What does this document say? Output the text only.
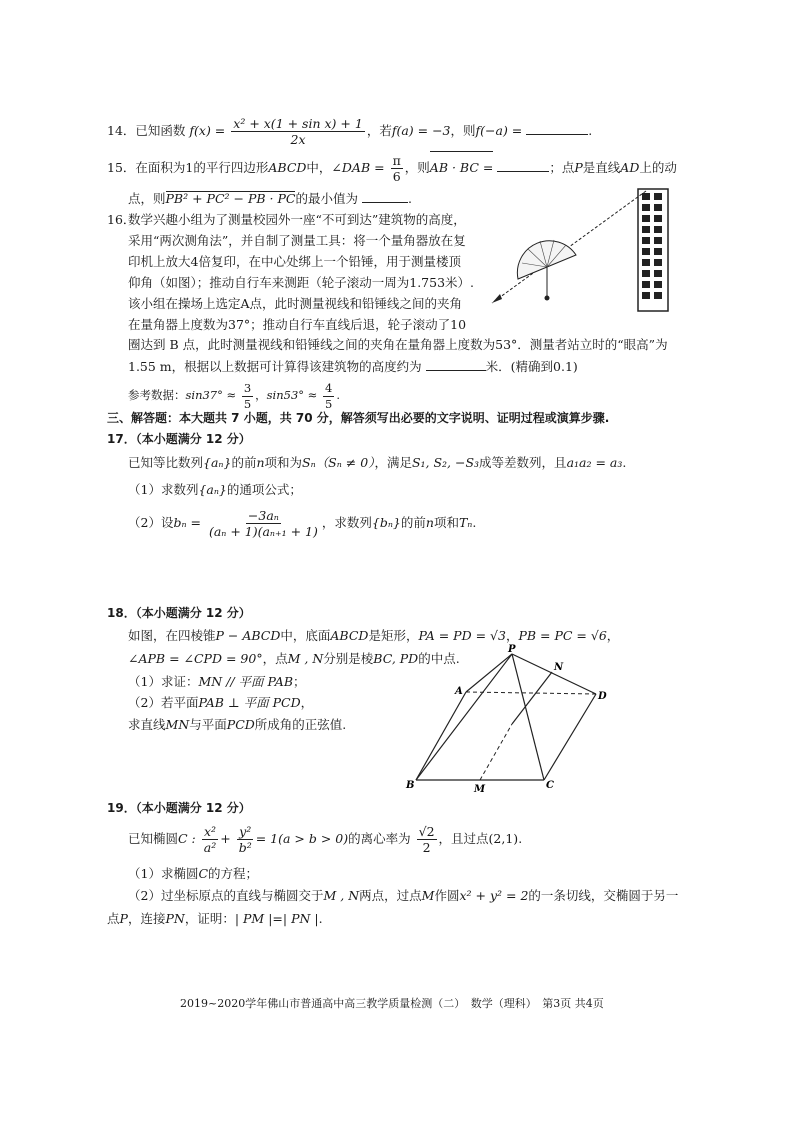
14．已知函数 $f(x) = \frac{\text{x² + x(1 + sin x) + 1}}{2x}$ ，若f(a) = −3，则f(−a) =	.
15．在面积为1的平行四边形ABCD中，∠DAB = $\frac{\pi}{6}$ ，则AB · BC =	；点P是直线AD上的动
点，则PB² + PC² − PB · PC的最小值为	.
16．
数学兴趣小组为了测量校园外一座“不可到达”建筑物的高度，
采用“两次测角法”，并自制了测量工具：将一个量角器放在复
印机上放大4倍复印，在中心处绑上一个铅锤，用于测量楼顶
仰角（如图）；推动自行车来测距（轮子滚动一周为1.753米）.
该小组在操场上选定A点，此时测量视线和铅锤线之间的夹角
在量角器上度数为37°；推动自行车直线后退，轮子滚动了10
圈达到 B 点，此时测量视线和铅锤线之间的夹角在量角器上度数为53°．测量者站立时的“眼高”为
1.55 m，根据以上数据可计算得该建筑物的高度约为	米．(精确到0.1)
参考数据：$\sin 37^\circ \approx \frac{3}{5}$ ，$\sin 53^\circ \approx \frac{4}{5}$ .
三、解答题：本大题共 7 小题，共 70 分，解答须写出必要的文字说明、证明过程或演算步骤.
17．（本小题满分 12 分）
已知等比数列{aₙ}的前n项和为Sₙ（Sₙ ≠ 0），满足S₁, S₂, −S₃成等差数列，且a₁a₂ = a₃.
（1）求数列{aₙ}的通项公式；
（2）设$b_n = \frac{\text{−3aₙ}}{\text{(aₙ + 1)(aₙ₊₁ + 1)}}$ ，求数列{bₙ}的前n项和Tₙ.
18．（本小题满分 12 分）
如图，在四棱锥P − ABCD中，底面ABCD是矩形，PA = PD = √3，PB = PC = √6，
∠APB = ∠CPD = 90°，点M , N分别是棱BC, PD的中点.
（1）求证：MN // 平面 PAB；
（2）若平面PAB ⊥ 平面 PCD，
求直线MN与平面PCD所成角的正弦值.
P
N
A	D
B	M	C
19．（本小题满分 12 分）
已知椭圆C : $\frac{\text{x²}}{\text{a²}} + \frac{\text{y²}}{\text{b²}} = 1(a > b > 0)$的离心率为 $\frac{√2}{2}$ ，且过点(2,1).
（1）求椭圆C的方程；
（2）过坐标原点的直线与椭圆交于M , N两点，过点M作圆x² + y² = 2的一条切线，交椭圆于另一
点P，连接PN，证明：| PM |=| PN |.
2019~2020学年佛山市普通高中高三教学质量检测（二）　数学（理科）　第3页 共4页
